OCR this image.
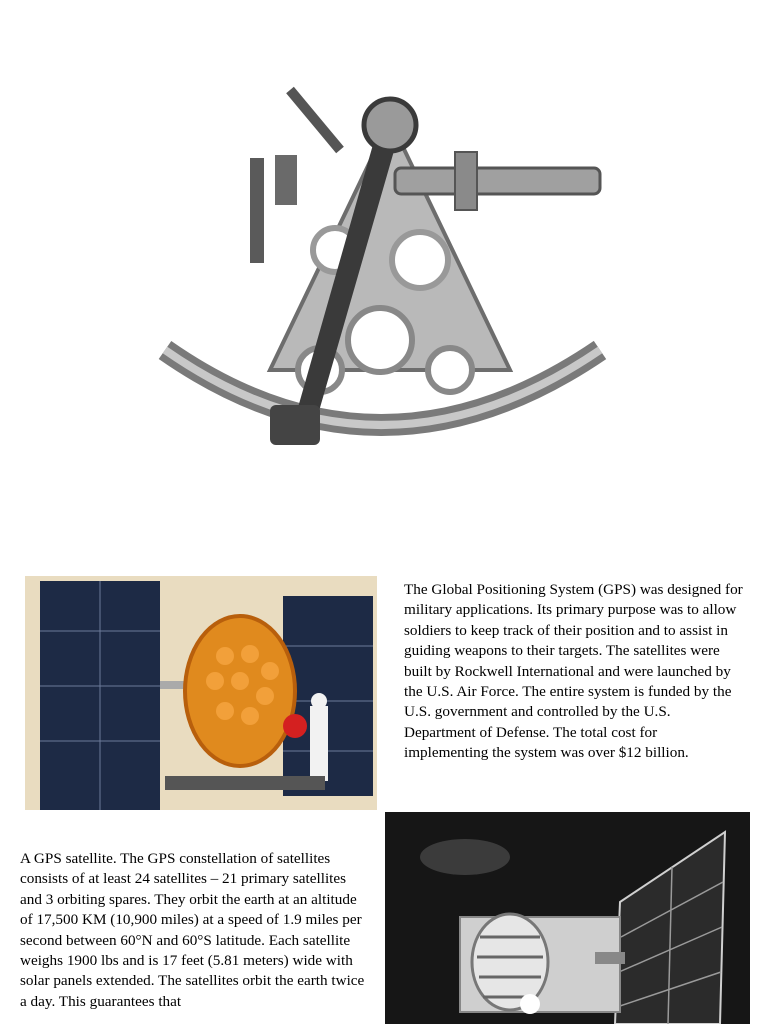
The Global Positioning System (GPS) was designed for military applications. Its primary purpose was to allow soldiers to keep track of their position and to assist in guiding weapons to their targets. The satellites were built by Rockwell International and were launched by the U.S. Air Force. The entire system is funded by the U.S. government and controlled by the U.S. Department of Defense. The total cost for implementing the system was over $12 billion.
A GPS satellite. The GPS constellation of satellites consists of at least 24 satellites – 21 primary satellites and 3 orbiting spares. They orbit the earth at an altitude of 17,500 KM (10,900 miles) at a speed of 1.9 miles per second between 60°N and 60°S latitude. Each satellite weighs 1900 lbs and is 17 feet (5.81 meters) wide with solar panels extended. The satellites orbit the earth twice a day. This guarantees that
